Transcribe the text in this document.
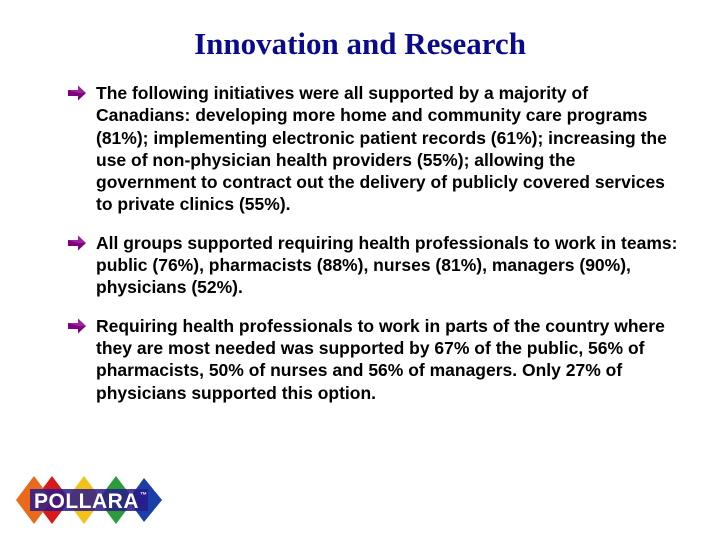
Innovation and Research
The following initiatives were all supported by a majority of Canadians: developing more home and community care programs (81%); implementing electronic patient records (61%); increasing the use of non-physician health providers (55%); allowing the government to contract out the delivery of publicly covered services to private clinics (55%).
All groups supported requiring health professionals to work in teams: public (76%), pharmacists (88%), nurses (81%), managers (90%), physicians (52%).
Requiring health professionals to work in parts of the country where they are most needed was supported by 67% of the public, 56% of pharmacists, 50% of nurses and 56% of managers. Only 27% of physicians supported this option.
POLLARA ™
